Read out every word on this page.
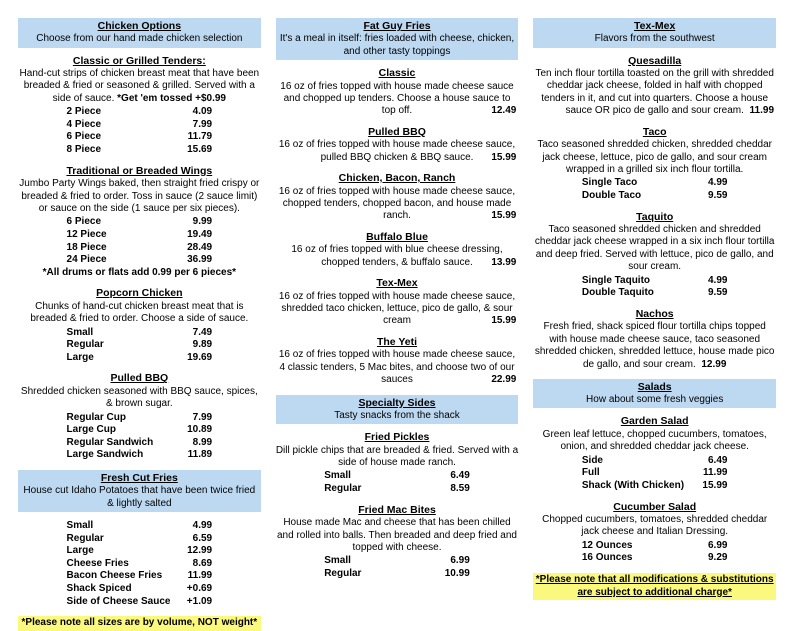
Chicken Options
Choose from our hand made chicken selection
Classic or Grilled Tenders:
Hand-cut strips of chicken breast meat that have been breaded & fried or seasoned & grilled. Served with a side of sauce. *Get 'em tossed +$0.99
2 Piece	4.09
4 Piece	7.99
6 Piece	11.79
8 Piece	15.69
Traditional or Breaded Wings
Jumbo Party Wings baked, then straight fried crispy or breaded & fried to order. Toss in sauce (2 sauce limit) or sauce on the side (1 sauce per six pieces).
6 Piece	9.99
12 Piece	19.49
18 Piece	28.49
24 Piece	36.99
*All drums or flats add 0.99 per 6 pieces*
Popcorn Chicken
Chunks of hand-cut chicken breast meat that is breaded & fried to order. Choose a side of sauce.
Small	7.49
Regular	9.89
Large	19.69
Pulled BBQ
Shredded chicken seasoned with BBQ sauce, spices, & brown sugar.
Regular Cup	7.99
Large Cup	10.89
Regular Sandwich	8.99
Large Sandwich	11.89
Fresh Cut Fries
House cut Idaho Potatoes that have been twice fried & lightly salted
Small	4.99
Regular	6.59
Large	12.99
Cheese Fries	8.69
Bacon Cheese Fries	11.99
Shack Spiced	+0.69
Side of Cheese Sauce	+1.09
*Please note all sizes are by volume, NOT weight*
Fat Guy Fries
It's a meal in itself: fries loaded with cheese, chicken, and other tasty toppings
Classic
16 oz of fries topped with house made cheese sauce and chopped up tenders. Choose a house sauce to top off.	12.49
Pulled BBQ
16 oz of fries topped with house made cheese sauce, pulled BBQ chicken & BBQ sauce.	15.99
Chicken, Bacon, Ranch
16 oz of fries topped with house made cheese sauce, chopped tenders, chopped bacon, and house made ranch.	15.99
Buffalo Blue
16 oz of fries topped with blue cheese dressing, chopped tenders, & buffalo sauce.	13.99
Tex-Mex
16 oz of fries topped with house made cheese sauce, shredded taco chicken, lettuce, pico de gallo, & sour cream	15.99
The Yeti
16 oz of fries topped with house made cheese sauce, 4 classic tenders, 5 Mac bites, and choose two of our sauces	22.99
Specialty Sides
Tasty snacks from the shack
Fried Pickles
Dill pickle chips that are breaded & fried. Served with a side of house made ranch.
Small	6.49
Regular	8.59
Fried Mac Bites
House made Mac and cheese that has been chilled and rolled into balls. Then breaded and deep fried and topped with cheese.
Small	6.99
Regular	10.99
Tex-Mex
Flavors from the southwest
Quesadilla
Ten inch flour tortilla toasted on the grill with shredded cheddar jack cheese, folded in half with chopped tenders in it, and cut into quarters. Choose a house sauce OR pico de gallo and sour cream. 11.99
Taco
Taco seasoned shredded chicken, shredded cheddar jack cheese, lettuce, pico de gallo, and sour cream wrapped in a grilled six inch flour tortilla.
Single Taco	4.99
Double Taco	9.59
Taquito
Taco seasoned shredded chicken and shredded cheddar jack cheese wrapped in a six inch flour tortilla and deep fried. Served with lettuce, pico de gallo, and sour cream.
Single Taquito	4.99
Double Taquito	9.59
Nachos
Fresh fried, shack spiced flour tortilla chips topped with house made cheese sauce, taco seasoned shredded chicken, shredded lettuce, house made pico de gallo, and sour cream.  12.99
Salads
How about some fresh veggies
Garden Salad
Green leaf lettuce, chopped cucumbers, tomatoes, onion, and shredded cheddar jack cheese.
Side	6.49
Full	11.99
Shack (With Chicken)	15.99
Cucumber Salad
Chopped cucumbers, tomatoes, shredded cheddar jack cheese and Italian Dressing.
12 Ounces	6.99
16 Ounces	9.29
*Please note that all modifications & substitutions are subject to additional charge*
